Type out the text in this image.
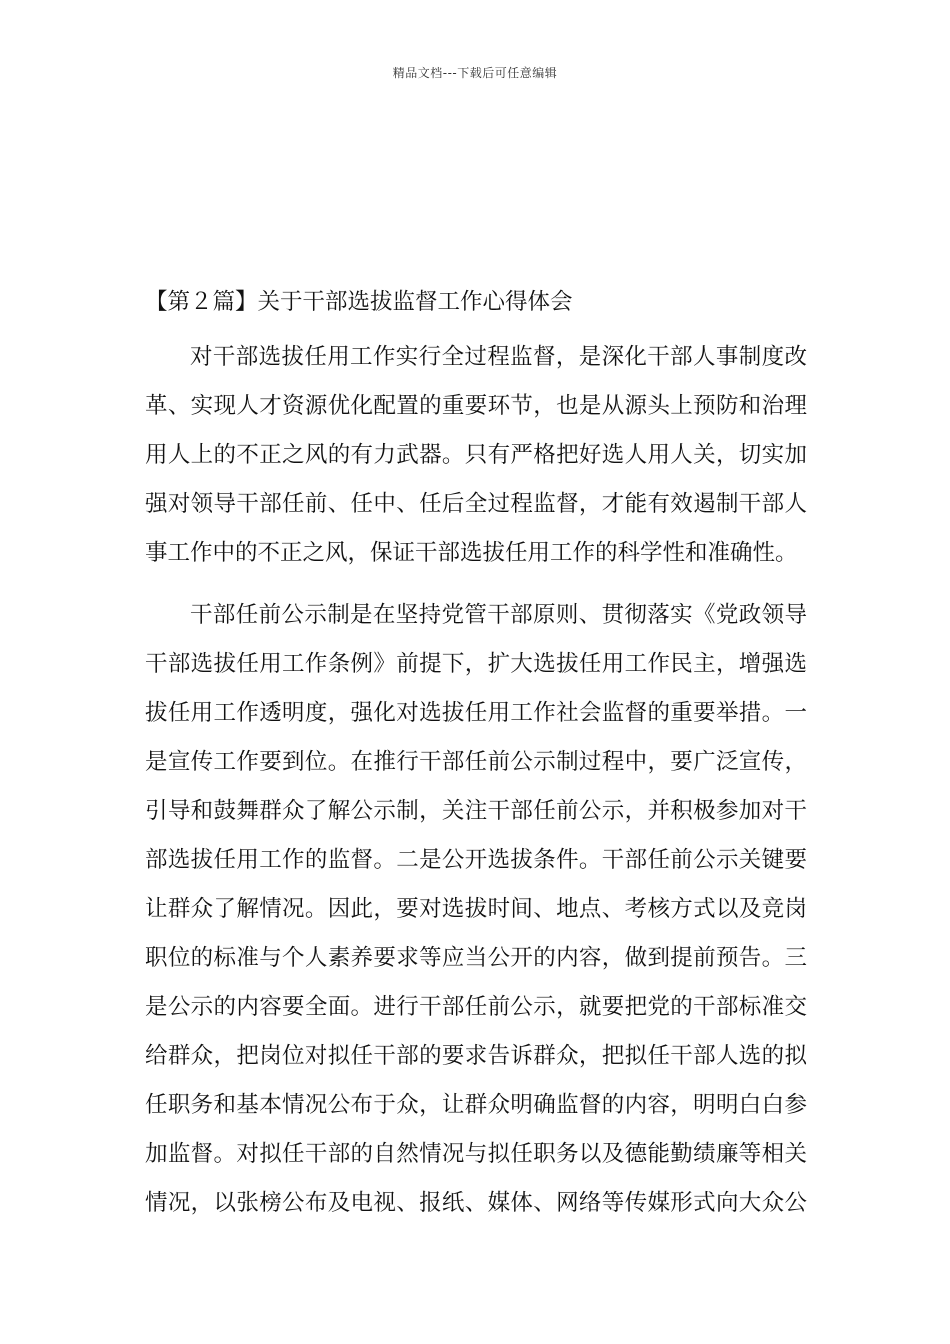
精品文档---下载后可任意编辑
【第２篇】关于干部选拔监督工作心得体会
对干部选拔任用工作实行全过程监督，是深化干部人事制度改
革、实现人才资源优化配置的重要环节，也是从源头上预防和治理
用人上的不正之风的有力武器。只有严格把好选人用人关，切实加
强对领导干部任前、任中、任后全过程监督，才能有效遏制干部人
事工作中的不正之风，保证干部选拔任用工作的科学性和准确性。
干部任前公示制是在坚持党管干部原则、贯彻落实《党政领导
干部选拔任用工作条例》前提下，扩大选拔任用工作民主，增强选
拔任用工作透明度，强化对选拔任用工作社会监督的重要举措。一
是宣传工作要到位。在推行干部任前公示制过程中，要广泛宣传，
引导和鼓舞群众了解公示制，关注干部任前公示，并积极参加对干
部选拔任用工作的监督。二是公开选拔条件。干部任前公示关键要
让群众了解情况。因此，要对选拔时间、地点、考核方式以及竞岗
职位的标准与个人素养要求等应当公开的内容，做到提前预告。三
是公示的内容要全面。进行干部任前公示，就要把党的干部标准交
给群众，把岗位对拟任干部的要求告诉群众，把拟任干部人选的拟
任职务和基本情况公布于众，让群众明确监督的内容，明明白白参
加监督。对拟任干部的自然情况与拟任职务以及德能勤绩廉等相关
情况，以张榜公布及电视、报纸、媒体、网络等传媒形式向大众公
